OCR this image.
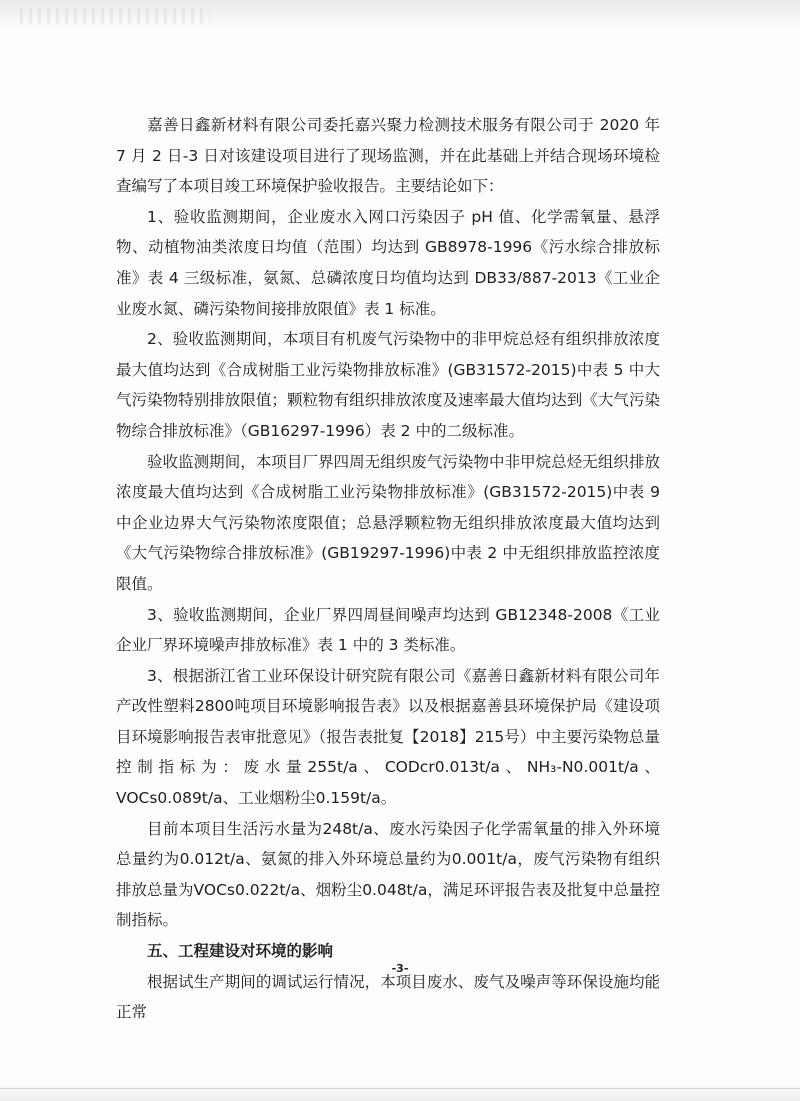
嘉善日鑫新材料有限公司委托嘉兴聚力检测技术服务有限公司于 2020 年 7 月 2 日-3 日对该建设项目进行了现场监测，并在此基础上并结合现场环境检查编写了本项目竣工环境保护验收报告。主要结论如下：

1、验收监测期间，企业废水入网口污染因子 pH 值、化学需氧量、悬浮物、动植物油类浓度日均值（范围）均达到 GB8978-1996《污水综合排放标准》表 4 三级标准，氨氮、总磷浓度日均值均达到 DB33/887-2013《工业企业废水氮、磷污染物间接排放限值》表 1 标准。

2、验收监测期间，本项目有机废气污染物中的非甲烷总烃有组织排放浓度最大值均达到《合成树脂工业污染物排放标准》(GB31572-2015)中表 5 中大气污染物特别排放限值；颗粒物有组织排放浓度及速率最大值均达到《大气污染物综合排放标准》（GB16297-1996）表 2 中的二级标准。

验收监测期间，本项目厂界四周无组织废气污染物中非甲烷总烃无组织排放浓度最大值均达到《合成树脂工业污染物排放标准》(GB31572-2015)中表 9 中企业边界大气污染物浓度限值；总悬浮颗粒物无组织排放浓度最大值均达到《大气污染物综合排放标准》(GB19297-1996)中表 2 中无组织排放监控浓度限值。

3、验收监测期间，企业厂界四周昼间噪声均达到 GB12348-2008《工业企业厂界环境噪声排放标准》表 1 中的 3 类标准。

3、根据浙江省工业环保设计研究院有限公司《嘉善日鑫新材料有限公司年产改性塑料2800吨项目环境影响报告表》以及根据嘉善县环境保护局《建设项目环境影响报告表审批意见》（报告表批复【2018】215号）中主要污染物总量控制指标为：废水量255t/a、CODcr0.013t/a、NH₃-N0.001t/a、VOCs0.089t/a、工业烟粉尘0.159t/a。

目前本项目生活污水量为248t/a、废水污染因子化学需氧量的排入外环境总量约为0.012t/a、氨氮的排入外环境总量约为0.001t/a，废气污染物有组织排放总量为VOCs0.022t/a、烟粉尘0.048t/a，满足环评报告表及批复中总量控制指标。

五、工程建设对环境的影响

根据试生产期间的调试运行情况，本项目废水、废气及噪声等环保设施均能正常

-3-
